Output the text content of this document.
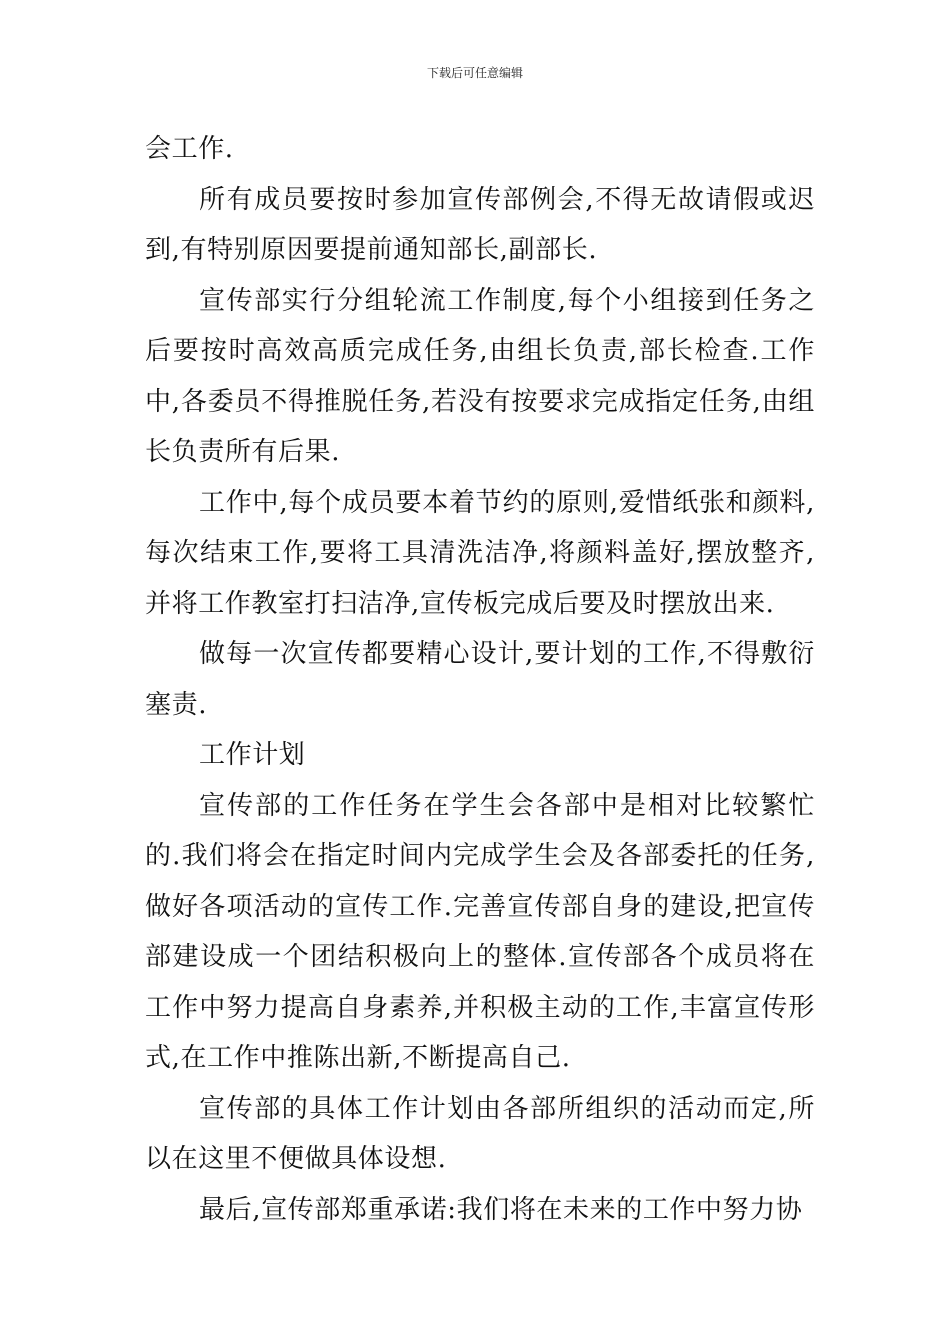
下载后可任意编辑

会工作.

所有成员要按时参加宣传部例会,不得无故请假或迟到,有特别原因要提前通知部长,副部长.

宣传部实行分组轮流工作制度,每个小组接到任务之后要按时高效高质完成任务,由组长负责,部长检查.工作中,各委员不得推脱任务,若没有按要求完成指定任务,由组长负责所有后果.

工作中,每个成员要本着节约的原则,爱惜纸张和颜料,每次结束工作,要将工具清洗洁净,将颜料盖好,摆放整齐,并将工作教室打扫洁净,宣传板完成后要及时摆放出来.

做每一次宣传都要精心设计,要计划的工作,不得敷衍塞责.

工作计划

宣传部的工作任务在学生会各部中是相对比较繁忙的.我们将会在指定时间内完成学生会及各部委托的任务,做好各项活动的宣传工作.完善宣传部自身的建设,把宣传部建设成一个团结积极向上的整体.宣传部各个成员将在工作中努力提高自身素养,并积极主动的工作,丰富宣传形式,在工作中推陈出新,不断提高自己.

宣传部的具体工作计划由各部所组织的活动而定,所以在这里不便做具体设想.

最后,宣传部郑重承诺:我们将在未来的工作中努力协
